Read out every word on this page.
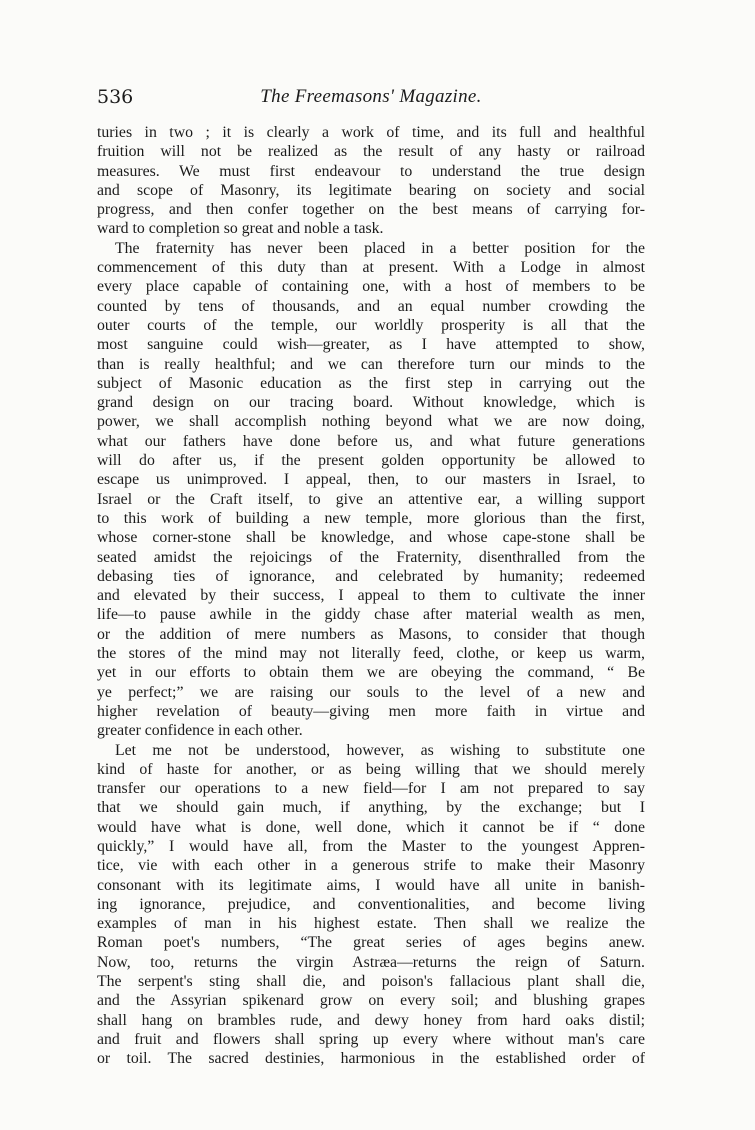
536	The Freemasons' Magazine.
turies in two ; it is clearly a work of time, and its full and healthful
fruition will not be realized as the result of any hasty or railroad
measures. We must first endeavour to understand the true design
and scope of Masonry, its legitimate bearing on society and social
progress, and then confer together on the best means of carrying for-
ward to completion so great and noble a task.
The fraternity has never been placed in a better position for the
commencement of this duty than at present. With a Lodge in almost
every place capable of containing one, with a host of members to be
counted by tens of thousands, and an equal number crowding the
outer courts of the temple, our worldly prosperity is all that the
most sanguine could wish—greater, as I have attempted to show,
than is really healthful; and we can therefore turn our minds to the
subject of Masonic education as the first step in carrying out the
grand design on our tracing board. Without knowledge, which is
power, we shall accomplish nothing beyond what we are now doing,
what our fathers have done before us, and what future generations
will do after us, if the present golden opportunity be allowed to
escape us unimproved. I appeal, then, to our masters in Israel, to
Israel or the Craft itself, to give an attentive ear, a willing support
to this work of building a new temple, more glorious than the first,
whose corner-stone shall be knowledge, and whose cape-stone shall be
seated amidst the rejoicings of the Fraternity, disenthralled from the
debasing ties of ignorance, and celebrated by humanity; redeemed
and elevated by their success, I appeal to them to cultivate the inner
life—to pause awhile in the giddy chase after material wealth as men,
or the addition of mere numbers as Masons, to consider that though
the stores of the mind may not literally feed, clothe, or keep us warm,
yet in our efforts to obtain them we are obeying the command, “ Be
ye perfect;” we are raising our souls to the level of a new and
higher revelation of beauty—giving men more faith in virtue and
greater confidence in each other.
Let me not be understood, however, as wishing to substitute one
kind of haste for another, or as being willing that we should merely
transfer our operations to a new field—for I am not prepared to say
that we should gain much, if anything, by the exchange; but I
would have what is done, well done, which it cannot be if “ done
quickly,” I would have all, from the Master to the youngest Appren-
tice, vie with each other in a generous strife to make their Masonry
consonant with its legitimate aims, I would have all unite in banish-
ing ignorance, prejudice, and conventionalities, and become living
examples of man in his highest estate. Then shall we realize the
Roman poet's numbers, “The great series of ages begins anew.
Now, too, returns the virgin Astræa—returns the reign of Saturn.
The serpent's sting shall die, and poison's fallacious plant shall die,
and the Assyrian spikenard grow on every soil; and blushing grapes
shall hang on brambles rude, and dewy honey from hard oaks distil;
and fruit and flowers shall spring up every where without man's care
or toil. The sacred destinies, harmonious in the established order of
